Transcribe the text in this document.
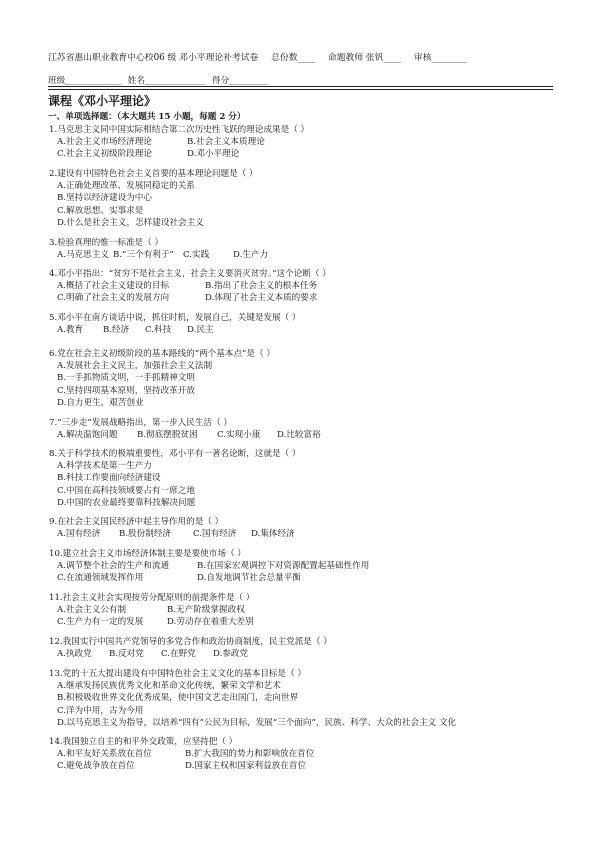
江苏省惠山职业教育中心校06 级 邓小平理论补考试卷 总份数____ 命题教师 张钒____ 审核________
班级_____________ 姓名______________ 得分_________
课程《邓小平理论》
一、单项选择题：（本大题共 15 小题，每题 2 分）
1.马克思主义同中国实际相结合第二次历史性飞跃的理论成果是（ ）
A.社会主义市场经济理论	B.社会主义本质理论
C.社会主义初级阶段理论	D.邓小平理论
2.建设有中国特色社会主义首要的基本理论问题是（ ）
A.正确处理改革、发展同稳定的关系
B.坚持以经济建设为中心
C.解放思想、实事求是
D.什么是社会主义，怎样建设社会主义
3.检验真理的惟一标准是（ ）
A.马克思主义 B.“三个有利于” C.实践	D.生产力
4.邓小平指出：“贫穷不是社会主义，社会主义要消灭贫穷。”这个论断（ ）
A.概括了社会主义建设的目标	B.指出了社会主义的根本任务
C.明确了社会主义的发展方向	D.体现了社会主义本质的要求
5.邓小平在南方谈话中说，抓住时机，发展自己，关键是发展（ ）
A.教育 B.经济 C.科技 D.民主
6.党在社会主义初级阶段的基本路线的“两个基本点”是（ ）
A.发展社会主义民主，加强社会主义法制
B.一手抓物质文明，一手抓精神文明
C.坚持四项基本原则，坚持改革开放
D.自力更生，艰苦创业
7.“三步走”发展战略指出，第一步人民生活（ ）
A.解决温饱问题 B.彻底摆脱贫困 C.实现小康 D.比较富裕
8.关于科学技术的极端重要性，邓小平有一著名论断，这就是（ ）
A.科学技术是第一生产力
B.科技工作要面向经济建设
C.中国在高科技领域要占有一席之地
D.中国的农业最终要靠科技解决问题
9.在社会主义国民经济中起主导作用的是（ ）
A.国有经济 B.股份制经济	C.国有经济 D.集体经济
10.建立社会主义市场经济体制主要是要使市场（ ）
A.调节整个社会的生产和流通	B.在国家宏观调控下对资源配置起基础性作用
C.在流通领域发挥作用	D.自发地调节社会总量平衡
11.社会主义社会实现按劳分配原则的前提条件是（ ）
A.社会主义公有制	B.无产阶级掌握政权
C.生产力有一定的发展	D.劳动存在着重大差别
12.我国实行中国共产党领导的多党合作和政治协商制度，民主党派是（ ）
A.执政党 B.反对党 C.在野党 D.参政党
13.党的十五大提出建设有中国特色社会主义文化的基本目标是（ ）
A.继承发扬民族优秀文化和革命文化传统，繁荣文学和艺术
B.积极吸收世界文化优秀成果，使中国文艺走出国门，走向世界
C.洋为中用，古为今用
D.以马克思主义为指导，以培养“四有”公民为目标，发展“三个面向”，民族、科学、大众的社会主义 文化
14.我国独立自主的和平外交政策，应坚持把（ ）
A.和平友好关系放在首位	B.扩大我国的势力和影响放在首位
C.避免战争放在首位	D.国家主权和国家利益放在首位
